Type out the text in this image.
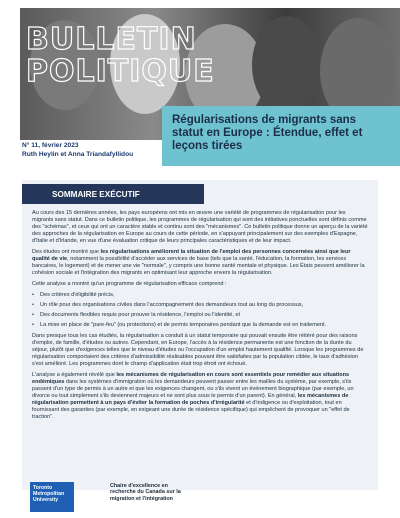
BULLETIN
POLITIQUE
Régularisations de migrants sans statut en Europe : Étendue, effet et leçons tirées
N° 11, février 2023
Ruth Heylin et Anna Triandafyllidou

Au cours des 15 dernières années, les pays européens ont mis en œuvre une variété de programmes de régularisation pour les migrants sans statut. Dans ce bulletin politique, les programmes de régularisation qui sont des initiatives ponctuelles sont définis comme des "schémas", et ceux qui ont un caractère stable et continu sont des "mécanismes". Ce bulletin politique donne un aperçu de la variété des approches de la régularisation en Europe au cours de cette période, en s'appuyant principalement sur des exemples d'Espagne, d'Italie et d'Irlande, en vue d'une évaluation critique de leurs principales caractéristiques et de leur impact.

Des études ont montré que les régularisations améliorent la situation de l'emploi des personnes concernées ainsi que leur qualité de vie, notamment la possibilité d'accéder aux services de base (tels que la santé, l'éducation, la formation, les services bancaires, le logement) et de mener une vie "normale", y compris une bonne santé mentale et physique. Les États peuvent améliorer la cohésion sociale et l'intégration des migrants en optimisant leur approche envers la régularisation.

Cette analyse a montré qu'un programme de régularisation efficace comprend :

• Des critères d'éligibilité précis,
• Un rôle pour des organisations civiles dans l'accompagnement des demandeurs tout au long du processus,
• Des documents flexibles requis pour prouver la résidence, l'emploi ou l'identité, et
• La mise en place de "pare-feu" (ou protections) et de permis temporaires pendant que la demande est en traitement.

Dans presque tous les cas étudiés, la régularisation a conduit à un statut temporaire qui pouvait ensuite être réitéré pour des raisons d'emploi, de famille, d'études ou autres. Cependant, en Europe, l'accès à la résidence permanente est une fonction de la durée du séjour, plutôt que d'exigences telles que le niveau d'études ou l'occupation d'un emploi hautement qualifié. Lorsque les programmes de régularisation comportaient des critères d'admissibilité réalisables pouvant être satisfaites par la population ciblée, le taux d'adhésion s'est amélioré. Les programmes dont le champ d'application était trop étroit ont échoué.

L'analyse a également révélé que les mécanismes de régularisation en cours sont essentiels pour remédier aux situations endémiques dans les systèmes d'immigration où les demandeurs peuvent passer entre les mailles du système, par exemple, s'ils passent d'un type de permis à un autre et que les exigences changent, ou s'ils vivent un événement biographique (par exemple, un divorce ou tout simplement s'ils deviennent majeurs et ne sont plus sous le permis d'un parent). En général, les mécanismes de régularisation permettent à un pays d'éviter la formation de poches d'irrégularité et d'indigence ou d'exploitation, tout en fournissant des garanties (par exemple, en exigeant une durée de résidence spécifique) qui empêchent de provoquer un "effet de traction".

SOMMAIRE EXÉCUTIF
Toronto
Metropolitan
University
Chaire d'excellence en
recherche du Canada sur la
migration et l'intégration
